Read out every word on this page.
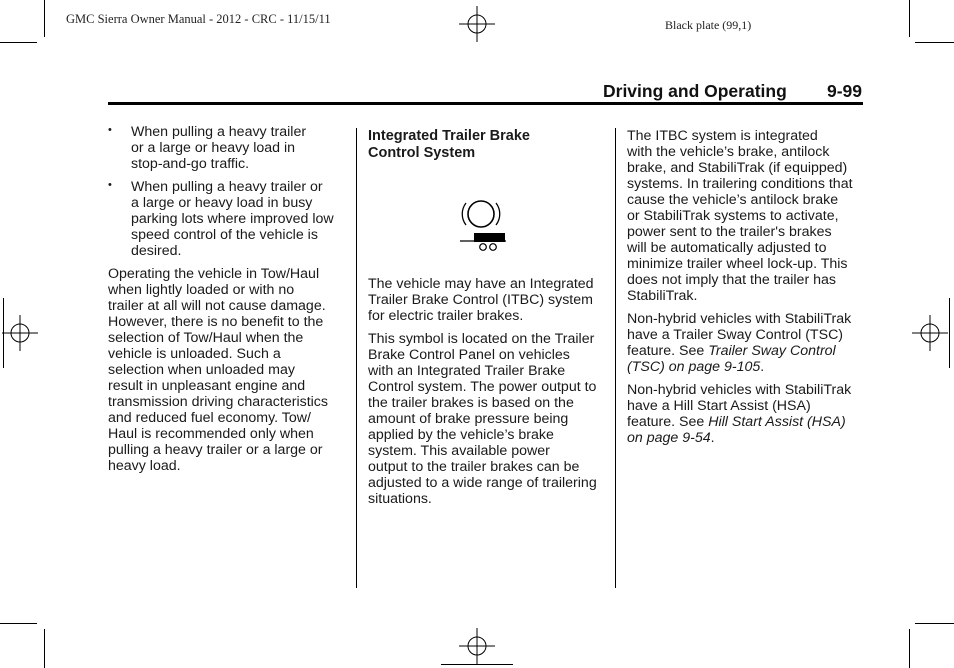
GMC Sierra Owner Manual - 2012 - CRC - 11/15/11	Black plate (99,1)
Driving and Operating 9-99
• When pulling a heavy trailer
or a large or heavy load in
stop-and-go traffic.
• When pulling a heavy trailer or
a large or heavy load in busy
parking lots where improved low
speed control of the vehicle is
desired.
Operating the vehicle in Tow/Haul
when lightly loaded or with no
trailer at all will not cause damage.
However, there is no benefit to the
selection of Tow/Haul when the
vehicle is unloaded. Such a
selection when unloaded may
result in unpleasant engine and
transmission driving characteristics
and reduced fuel economy. Tow/
Haul is recommended only when
pulling a heavy trailer or a large or
heavy load.
Integrated Trailer Brake
Control System
The vehicle may have an Integrated
Trailer Brake Control (ITBC) system
for electric trailer brakes.
This symbol is located on the Trailer
Brake Control Panel on vehicles
with an Integrated Trailer Brake
Control system. The power output to
the trailer brakes is based on the
amount of brake pressure being
applied by the vehicle’s brake
system. This available power
output to the trailer brakes can be
adjusted to a wide range of trailering
situations.
The ITBC system is integrated
with the vehicle’s brake, antilock
brake, and StabiliTrak (if equipped)
systems. In trailering conditions that
cause the vehicle’s antilock brake
or StabiliTrak systems to activate,
power sent to the trailer's brakes
will be automatically adjusted to
minimize trailer wheel lock-up. This
does not imply that the trailer has
StabiliTrak.
Non-hybrid vehicles with StabiliTrak
have a Trailer Sway Control (TSC)
feature. See Trailer Sway Control
(TSC) on page 9-105.
Non-hybrid vehicles with StabiliTrak
have a Hill Start Assist (HSA)
feature. See Hill Start Assist (HSA)
on page 9-54.
